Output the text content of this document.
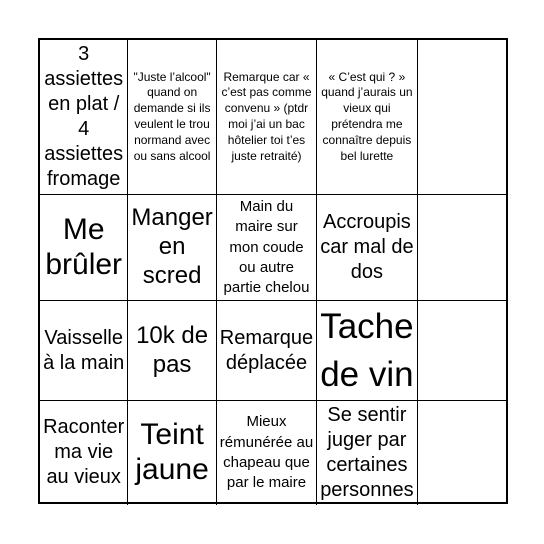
3 assiettes en plat / 4 assiettes fromage
"Juste l’alcool" quand on demande si ils veulent le trou normand avec ou sans alcool
Remarque car « c’est pas comme convenu » (ptdr moi j’ai un bac hôtelier toi t’es juste retraité)
« C’est qui ? » quand j’aurais un vieux qui prétendra me connaître depuis bel lurette
Me brûler
Manger en scred
Main du maire sur mon coude ou autre partie chelou
Accroupis car mal de dos
Vaisselle à la main
10k de pas
Remarque déplacée
Tache de vin
Raconter ma vie au vieux
Teint jaune
Mieux rémunérée au chapeau que par le maire
Se sentir juger par certaines personnes
